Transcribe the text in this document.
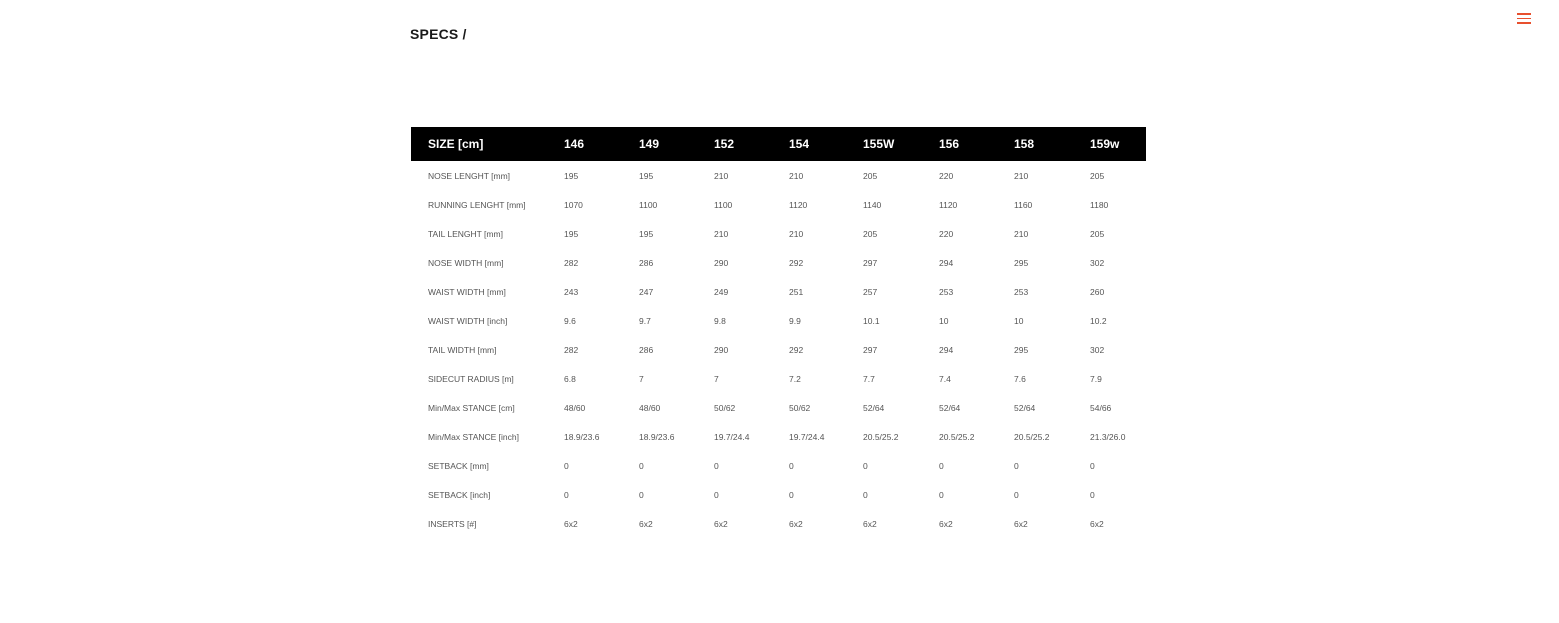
SPECS /
SIZE [cm]	146	149	152	154	155W	156	158	159w
NOSE LENGHT [mm]	195	195	210	210	205	220	210	205
RUNNING LENGHT [mm]	1070	1100	1100	1120	1140	1120	1160	1180
TAIL LENGHT [mm]	195	195	210	210	205	220	210	205
NOSE WIDTH [mm]	282	286	290	292	297	294	295	302
WAIST WIDTH [mm]	243	247	249	251	257	253	253	260
WAIST WIDTH [inch]	9.6	9.7	9.8	9.9	10.1	10	10	10.2
TAIL WIDTH [mm]	282	286	290	292	297	294	295	302
SIDECUT RADIUS [m]	6.8	7	7	7.2	7.7	7.4	7.6	7.9
Min/Max STANCE [cm]	48/60	48/60	50/62	50/62	52/64	52/64	52/64	54/66
Min/Max STANCE [inch]	18.9/23.6	18.9/23.6	19.7/24.4	19.7/24.4	20.5/25.2	20.5/25.2	20.5/25.2	21.3/26.0
SETBACK [mm]	0	0	0	0	0	0	0	0
SETBACK [inch]	0	0	0	0	0	0	0	0
INSERTS [#]	6x2	6x2	6x2	6x2	6x2	6x2	6x2	6x2
